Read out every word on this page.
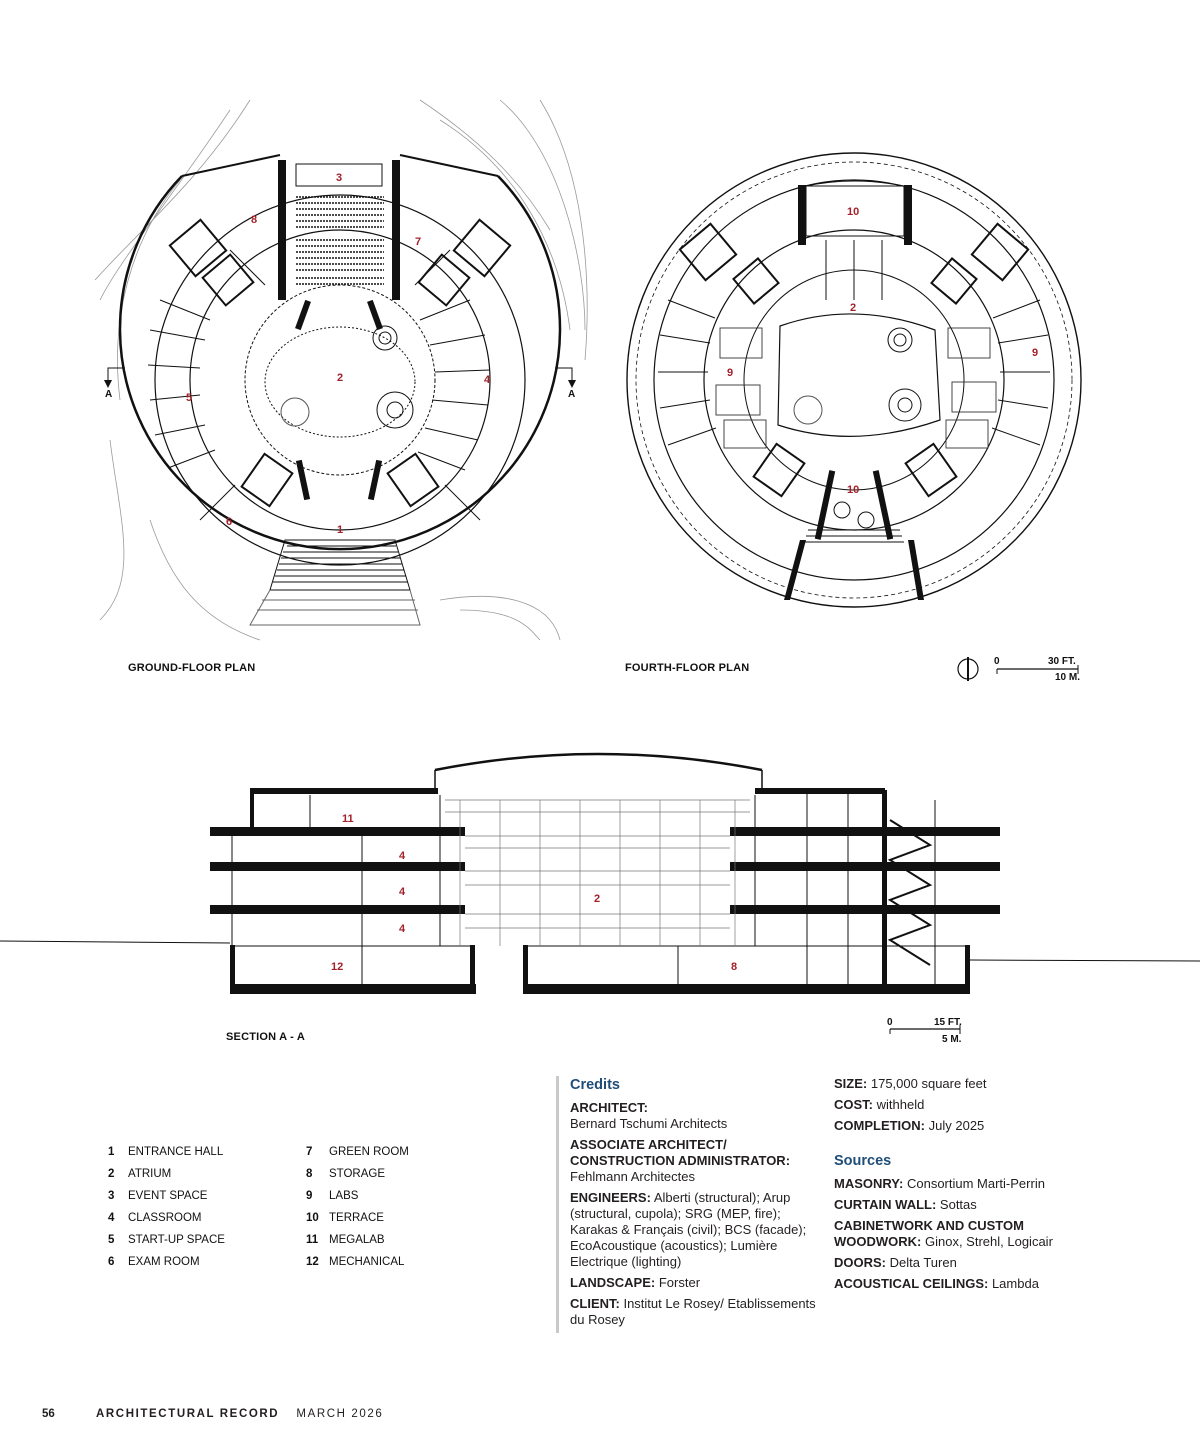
A	A
3
8
7
2	4
5
6
1
GROUND-FLOOR PLAN
10
2
9
9
10
FOURTH-FLOOR PLAN
0	30 FT.
10 M.
11
4
4
4
2
12	8
0	15 FT.
5 M.
SECTION A - A
1 ENTRANCE HALL
2 ATRIUM
3 EVENT SPACE
4 CLASSROOM
5 START-UP SPACE
6 EXAM ROOM
7 GREEN ROOM
8 STORAGE
9 LABS
10 TERRACE
11 MEGALAB
12 MECHANICAL
Credits
ARCHITECT:
Bernard Tschumi Architects
ASSOCIATE ARCHITECT/ CONSTRUCTION ADMINISTRATOR:
Fehlmann Architectes
ENGINEERS: Alberti (structural); Arup (structural, cupola); SRG (MEP, fire); Karakas & Français (civil); BCS (facade); EcoAcoustique (acoustics); Lumière Electrique (lighting)
LANDSCAPE: Forster
CLIENT: Institut Le Rosey/ Etablissements du Rosey
SIZE: 175,000 square feet
COST: withheld
COMPLETION: July 2025
Sources
MASONRY: Consortium Marti-Perrin
CURTAIN WALL: Sottas
CABINETWORK AND CUSTOM WOODWORK: Ginox, Strehl, Logicair
DOORS: Delta Turen
ACOUSTICAL CEILINGS: Lambda
56	ARCHITECTURAL RECORD MARCH 2026
